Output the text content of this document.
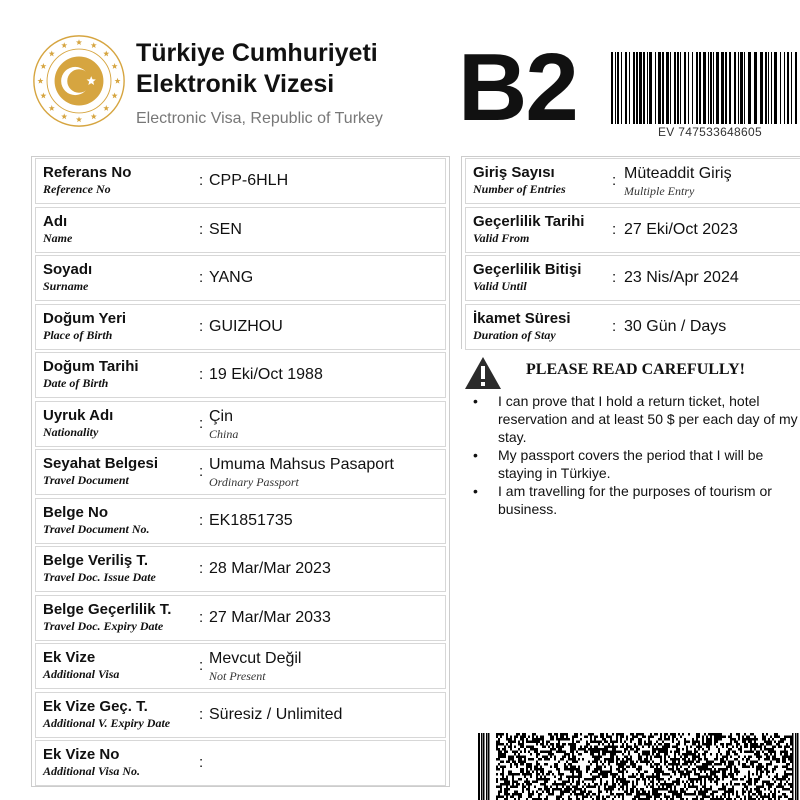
Türkiye Cumhuriyeti
Elektronik Vizesi
Electronic Visa, Republic of Turkey B2	EV 747533648605
Referans No
Reference No	: CPP-6HLH
Adı
Name	: SEN
Soyadı
Surname	: YANG
Doğum Yeri
Place of Birth	: GUIZHOU
Doğum Tarihi
Date of Birth	: 19 Eki/Oct 1988
Uyruk Adı
Nationality	: Çin
China
Seyahat Belgesi
Travel Document	: Umuma Mahsus Pasaport
Ordinary Passport
Belge No
Travel Document No.	: EK1851735
Belge Veriliş T.
Travel Doc. Issue Date	: 28 Mar/Mar 2023
Belge Geçerlilik T.
Travel Doc. Expiry Date : 27 Mar/Mar 2033
Ek Vize
Additional Visa	: Mevcut Değil
Not Present
Ek Vize Geç. T.
Additional V. Expiry Date : Süresiz / Unlimited
Ek Vize No
Additional Visa No.	:
Giriş Sayısı
Number of Entries	: Müteaddit Giriş
Multiple Entry
Geçerlilik Tarihi
Valid From	: 27 Eki/Oct 2023
Geçerlilik Bitişi
Valid Until	: 23 Nis/Apr 2024
İkamet Süresi
Duration of Stay	: 30 Gün / Days
PLEASE READ CAREFULLY!
• I can prove that I hold a return ticket, hotel
reservation and at least 50 $ per each day of my
stay.
• My passport covers the period that I will be
staying in Türkiye.
• I am travelling for the purposes of tourism or
business.
